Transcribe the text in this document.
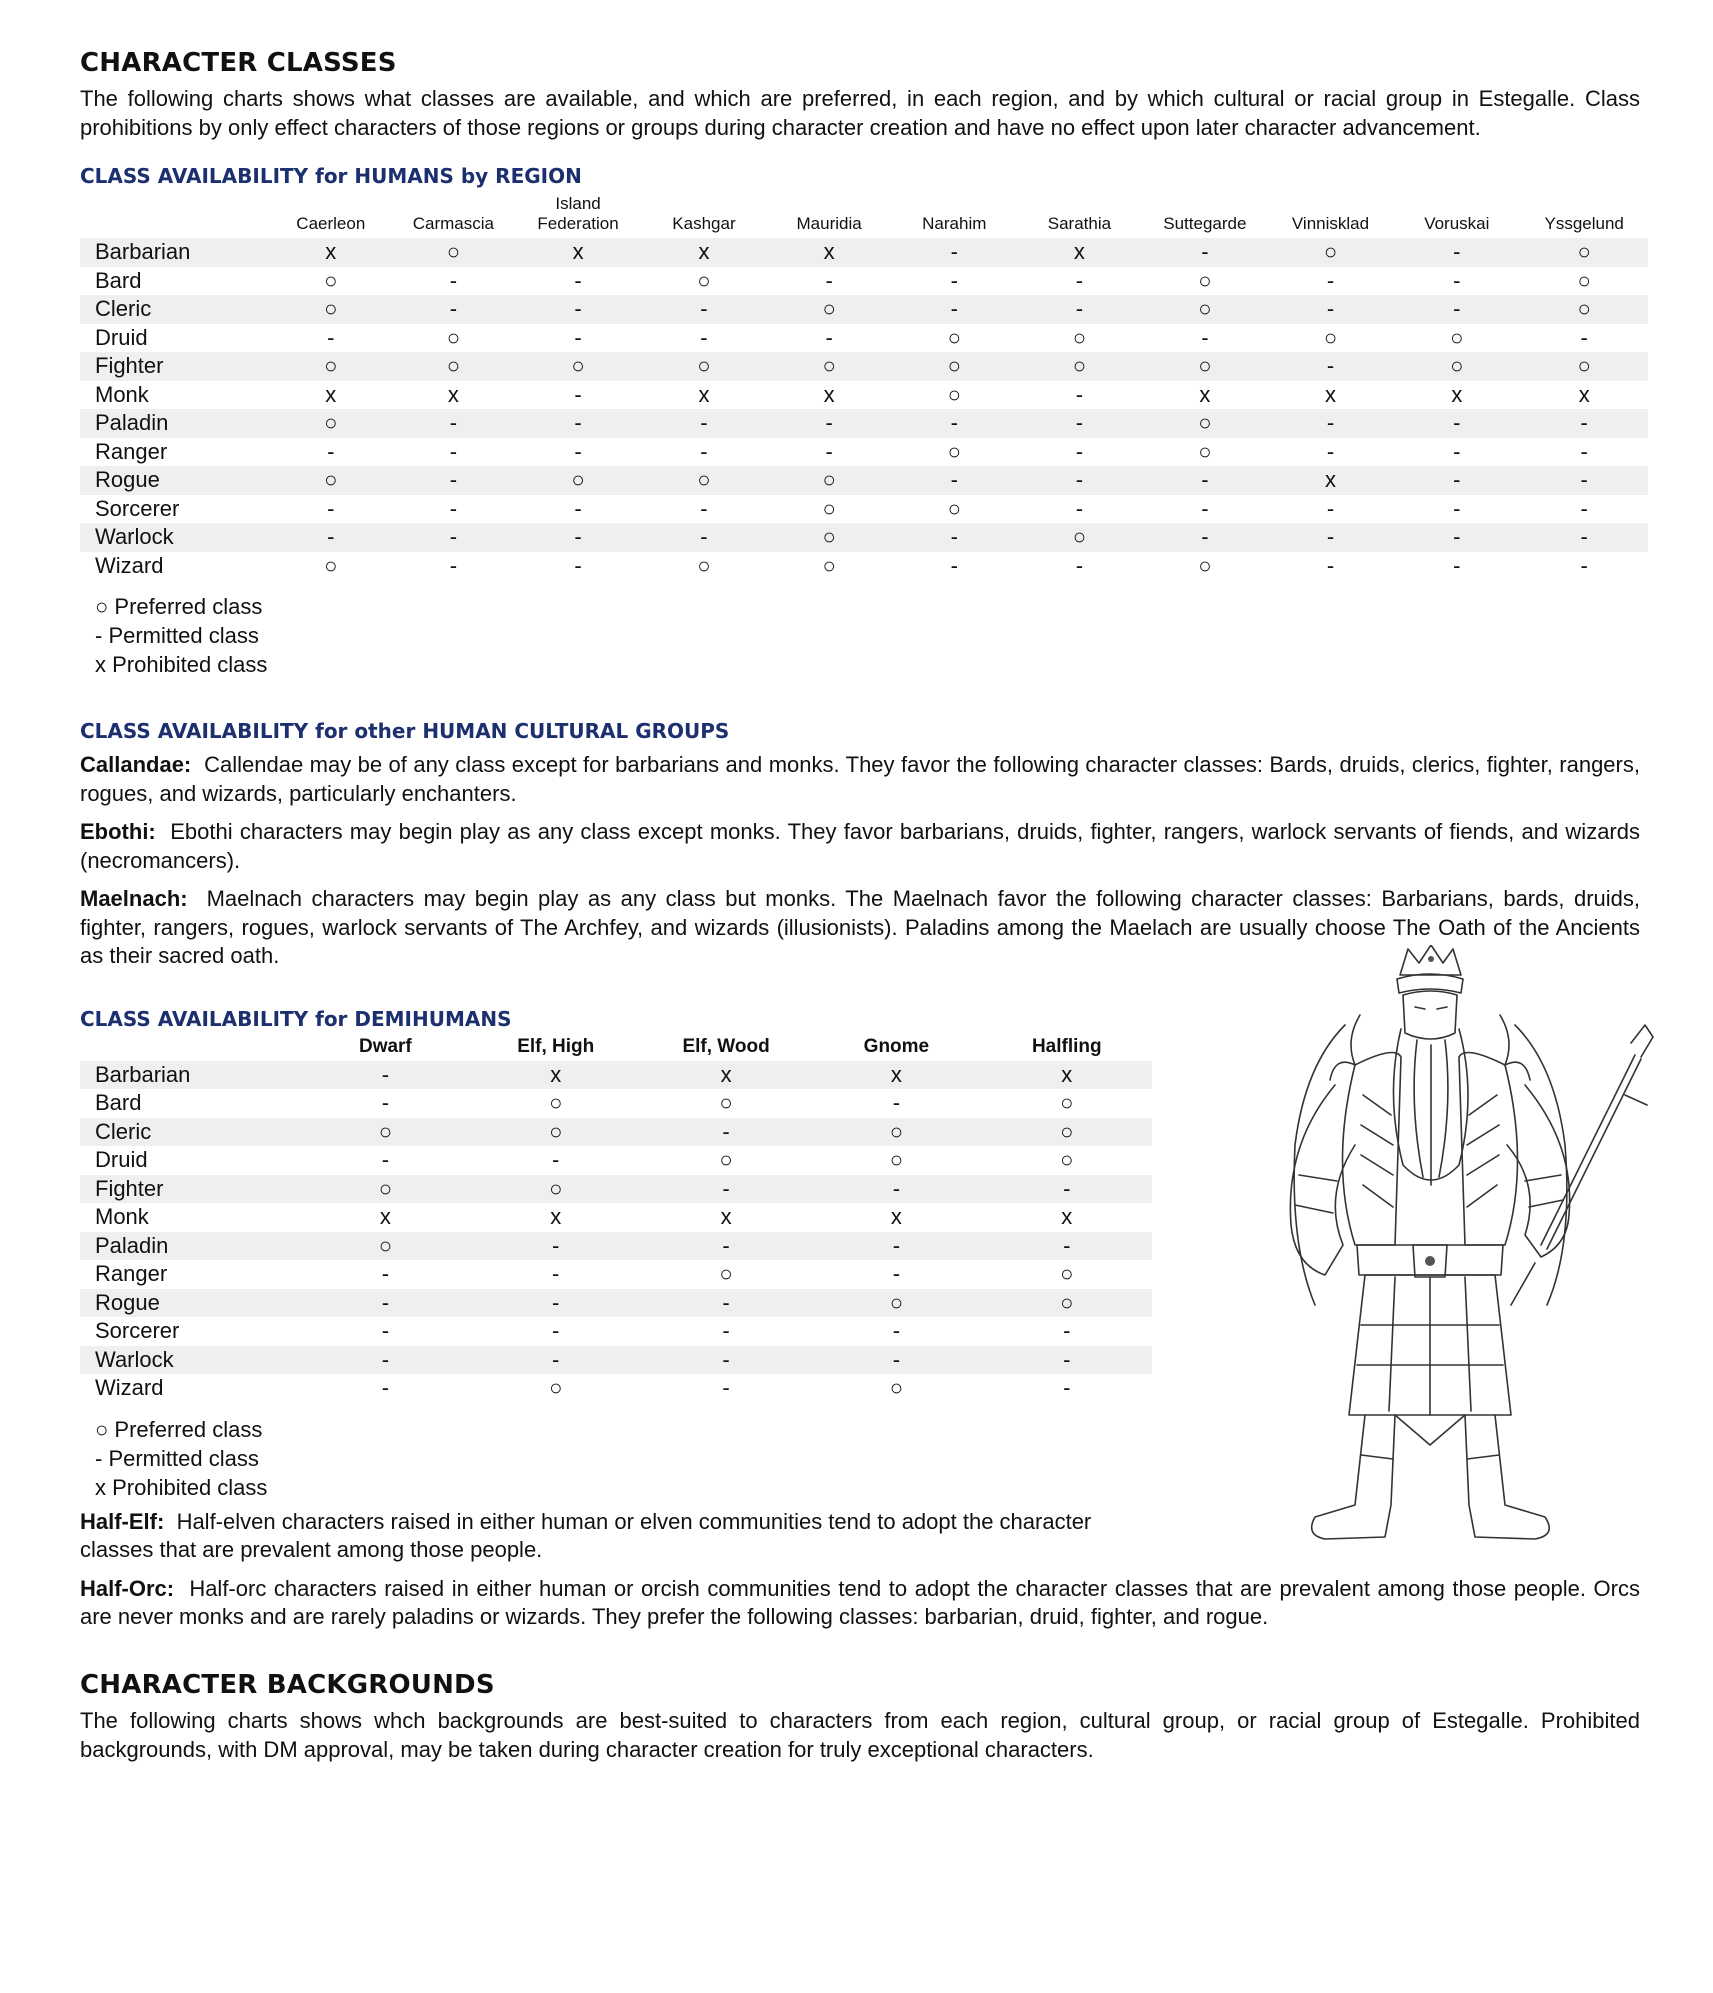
CHARACTER CLASSES

The following charts shows what classes are available, and which are preferred, in each region, and by which cultural or racial group in Estegalle. Class prohibitions by only effect characters of those regions or groups during character creation and have no effect upon later character advancement.

CLASS AVAILABILITY for HUMANS by REGION
	Caerleon	Carmascia	Island Federation	Kashgar	Mauridia	Narahim	Sarathia	Suttegarde	Vinnisklad	Voruskai	Yssgelund
Barbarian	x	○	x	x	x	-	x	-	○	-	○
Bard	○	-	-	○	-	-	-	○	-	-	○
Cleric	○	-	-	-	○	-	-	○	-	-	○
Druid	-	○	-	-	-	○	○	-	○	○	-
Fighter	○	○	○	○	○	○	○	○	-	○	○
Monk	x	x	-	x	x	○	-	x	x	x	x
Paladin	○	-	-	-	-	-	-	○	-	-	-
Ranger	-	-	-	-	-	○	-	○	-	-	-
Rogue	○	-	○	○	○	-	-	-	x	-	-
Sorcerer	-	-	-	-	○	○	-	-	-	-	-
Warlock	-	-	-	-	○	-	○	-	-	-	-
Wizard	○	-	-	○	○	-	-	○	-	-	-
○ Preferred class
- Permitted class
x Prohibited class
CLASS AVAILABILITY for other HUMAN CULTURAL GROUPS

Callandae: Callendae may be of any class except for barbarians and monks. They favor the following character classes: Bards, druids, clerics, fighter, rangers, rogues, and wizards, particularly enchanters.

Ebothi: Ebothi characters may begin play as any class except monks. They favor barbarians, druids, fighter, rangers, warlock servants of fiends, and wizards (necromancers).

Maelnach: Maelnach characters may begin play as any class but monks. The Maelnach favor the following character classes: Barbarians, bards, druids, fighter, rangers, rogues, warlock servants of The Archfey, and wizards (illusionists). Paladins among the Maelach are usually choose The Oath of the Ancients as their sacred oath.

CLASS AVAILABILITY for DEMIHUMANS
	Dwarf	Elf, High	Elf, Wood	Gnome	Halfling
Barbarian	-	x	x	x	x
Bard	-	○	○	-	○
Cleric	○	○	-	○	○
Druid	-	-	○	○	○
Fighter	○	○	-	-	-
Monk	x	x	x	x	x
Paladin	○	-	-	-	-
Ranger	-	-	○	-	○
Rogue	-	-	-	○	○
Sorcerer	-	-	-	-	-
Warlock	-	-	-	-	-
Wizard	-	○	-	○	-
○ Preferred class
- Permitted class
x Prohibited class

Half-Elf: Half-elven characters raised in either human or elven communities tend to adopt the character classes that are prevalent among those people.

Half-Orc: Half-orc characters raised in either human or orcish communities tend to adopt the character classes that are prevalent among those people. Orcs are never monks and are rarely paladins or wizards. They prefer the following classes: barbarian, druid, fighter, and rogue.

CHARACTER BACKGROUNDS

The following charts shows whch backgrounds are best-suited to characters from each region, cultural group, or racial group of Estegalle. Prohibited backgrounds, with DM approval, may be taken during character creation for truly exceptional characters.
